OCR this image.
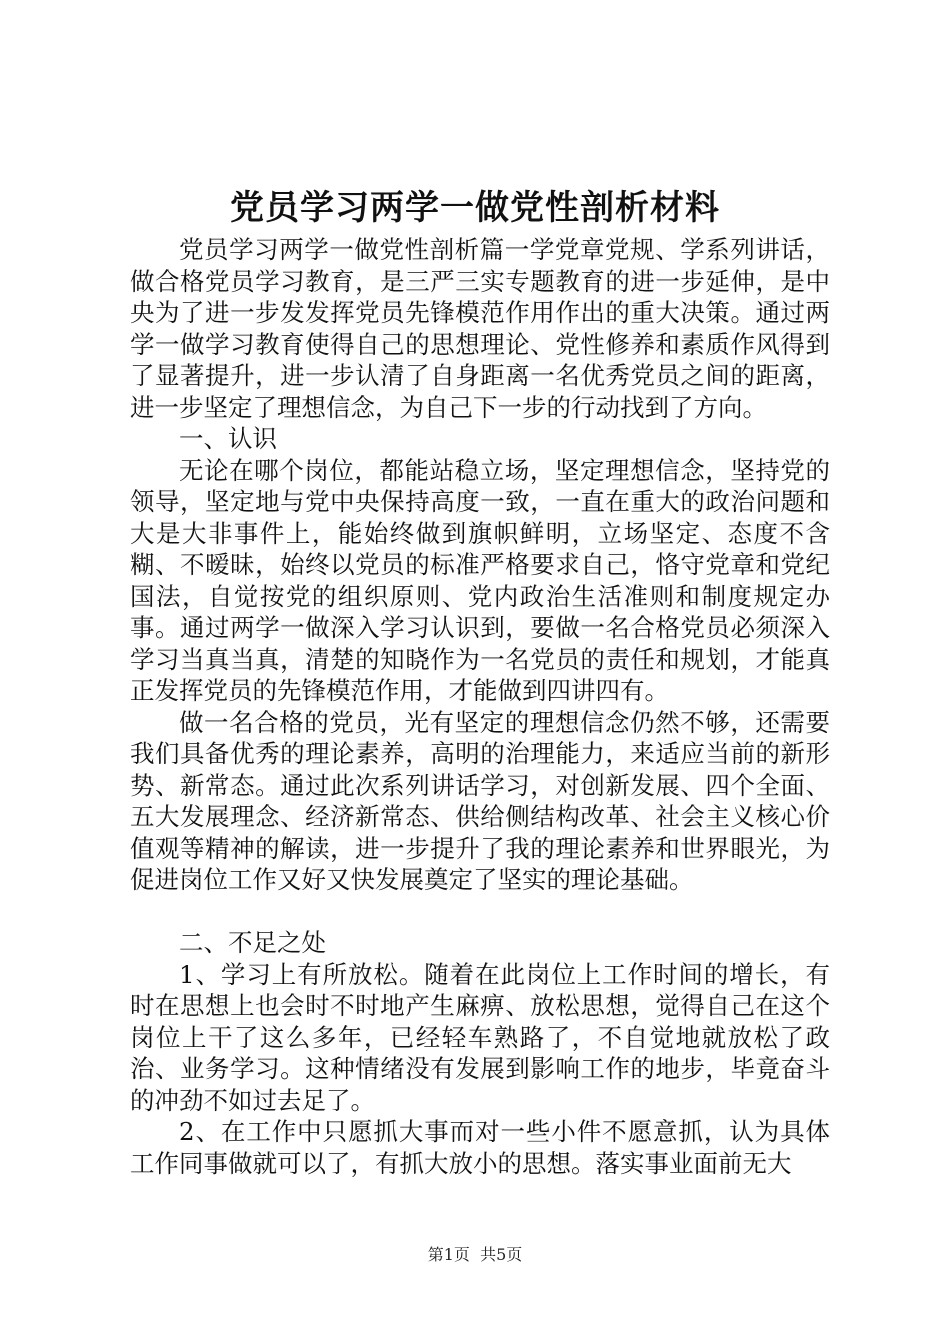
党员学习两学一做党性剖析材料

党员学习两学一做党性剖析篇一学党章党规、学系列讲话，做合格党员学习教育，是三严三实专题教育的进一步延伸，是中央为了进一步发发挥党员先锋模范作用作出的重大决策。通过两学一做学习教育使得自己的思想理论、党性修养和素质作风得到了显著提升，进一步认清了自身距离一名优秀党员之间的距离，进一步坚定了理想信念，为自己下一步的行动找到了方向。

一、认识

无论在哪个岗位，都能站稳立场，坚定理想信念，坚持党的领导，坚定地与党中央保持高度一致，一直在重大的政治问题和大是大非事件上，能始终做到旗帜鲜明，立场坚定、态度不含糊、不暧昧，始终以党员的标准严格要求自己，恪守党章和党纪国法，自觉按党的组织原则、党内政治生活准则和制度规定办事。通过两学一做深入学习认识到，要做一名合格党员必须深入学习当真当真，清楚的知晓作为一名党员的责任和规划，才能真正发挥党员的先锋模范作用，才能做到四讲四有。

做一名合格的党员，光有坚定的理想信念仍然不够，还需要我们具备优秀的理论素养，高明的治理能力，来适应当前的新形势、新常态。通过此次系列讲话学习，对创新发展、四个全面、五大发展理念、经济新常态、供给侧结构改革、社会主义核心价值观等精神的解读，进一步提升了我的理论素养和世界眼光，为促进岗位工作又好又快发展奠定了坚实的理论基础。

二、不足之处

1、学习上有所放松。随着在此岗位上工作时间的增长，有时在思想上也会时不时地产生麻痹、放松思想，觉得自己在这个岗位上干了这么多年，已经轻车熟路了，不自觉地就放松了政治、业务学习。这种情绪没有发展到影响工作的地步，毕竟奋斗的冲劲不如过去足了。

2、在工作中只愿抓大事而对一些小件不愿意抓，认为具体工作同事做就可以了，有抓大放小的思想。落实事业面前无大

第1页 共5页
